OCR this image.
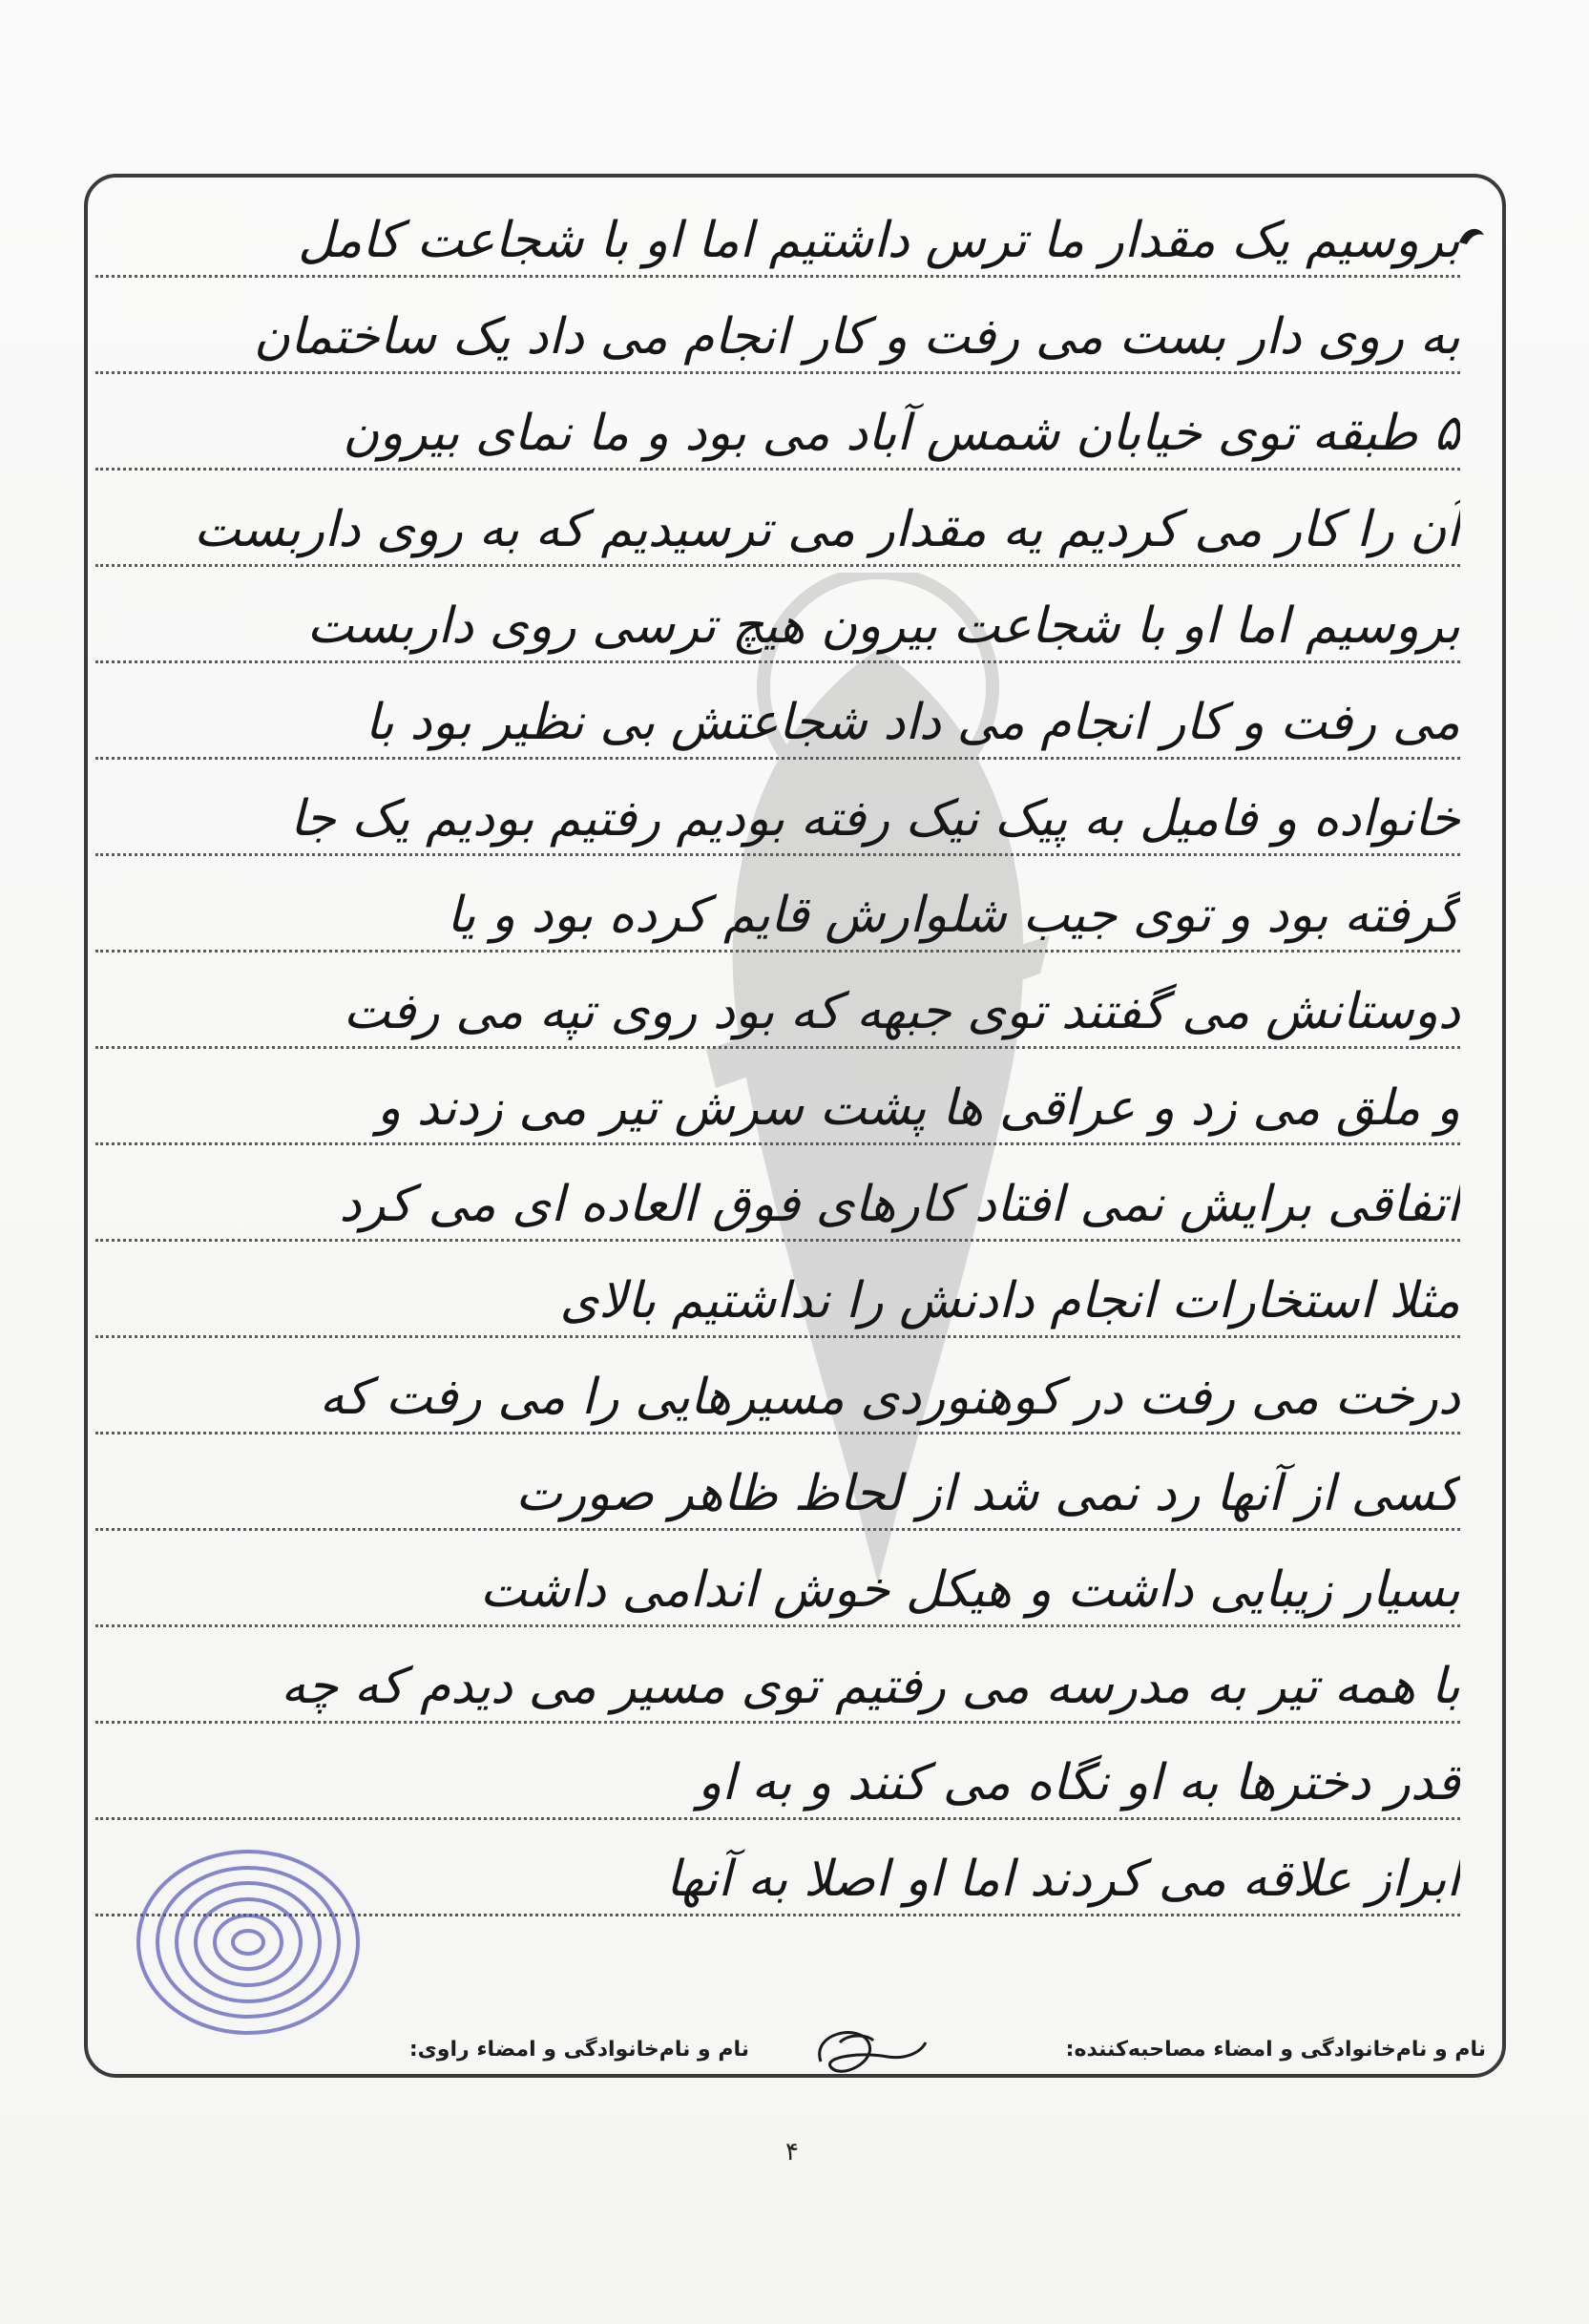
بروسیم یک مقدار ما ترس داشتیم اما او با شجاعت کامل
به روی دار بست می رفت و کار انجام می داد یک ساختمان
۵ طبقه توی خیابان شمس آباد می بود و ما نمای بیرون
آن را کار می کردیم یه مقدار می ترسیدیم که به روی داربست
بروسیم اما او با شجاعت بیرون هیچ ترسی روی داربست
می رفت و کار انجام می داد شجاعتش بی نظیر بود با
خانواده و فامیل به پیک نیک رفته بودیم رفتیم بودیم یک جا
گرفته بود و توی جیب شلوارش قایم کرده بود و یا
دوستانش می گفتند توی جبهه که بود روی تپه می رفت
و ملق می زد و عراقی ها پشت سرش تیر می زدند و
اتفاقی برایش نمی افتاد کارهای فوق العاده ای می کرد
مثلا استخارات انجام دادنش را نداشتیم بالای
درخت می رفت در کوهنوردی مسیرهایی را می رفت که
کسی از آنها رد نمی شد از لحاظ ظاهر صورت
بسیار زیبایی داشت و هیکل خوش اندامی داشت
با همه تیر به مدرسه می رفتیم توی مسیر می دیدم که چه
قدر دخترها به او نگاه می کنند و به او
ابراز علاقه می کردند اما او اصلا به آنها
نام و نام‌خانوادگی و امضاء مصاحبه‌کننده:
نام و نام‌خانوادگی و امضاء راوی:
۴
